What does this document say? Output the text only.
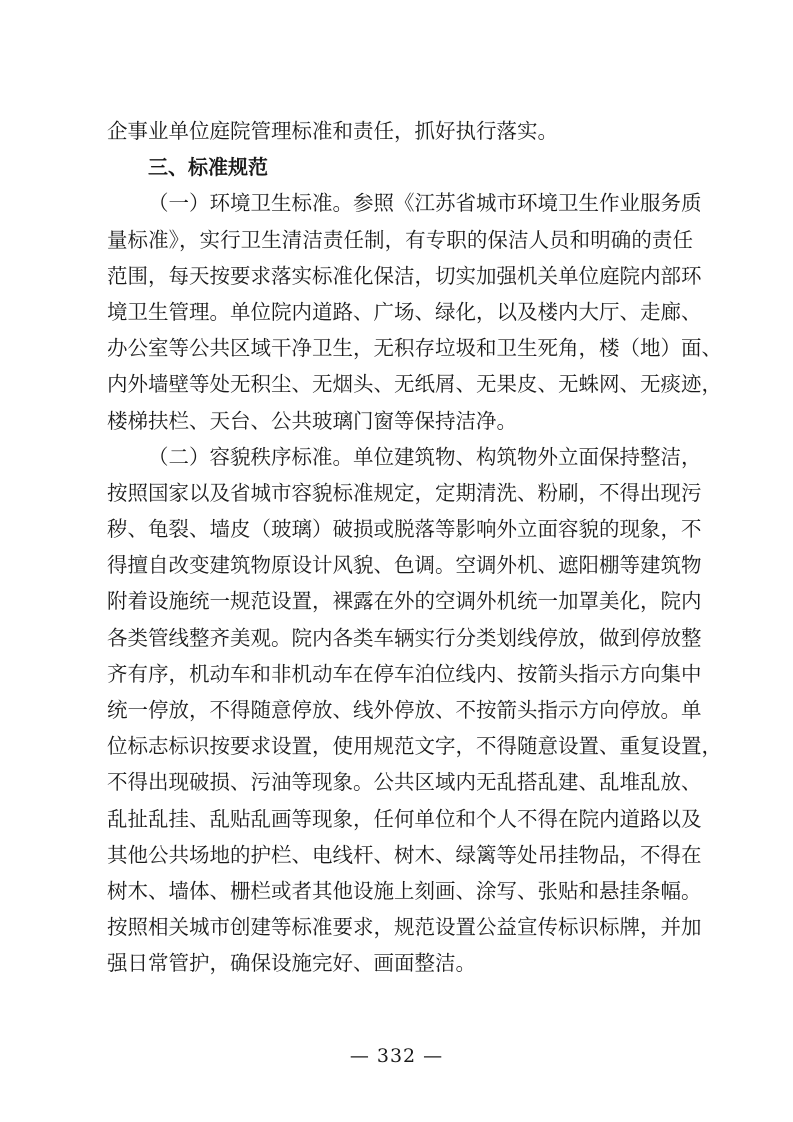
企事业单位庭院管理标准和责任，抓好执行落实。
三、标准规范
（一）环境卫生标准。参照《江苏省城市环境卫生作业服务质
量标准》，实行卫生清洁责任制，有专职的保洁人员和明确的责任
范围，每天按要求落实标准化保洁，切实加强机关单位庭院内部环
境卫生管理。单位院内道路、广场、绿化，以及楼内大厅、走廊、
办公室等公共区域干净卫生，无积存垃圾和卫生死角，楼（地）面、
内外墙壁等处无积尘、无烟头、无纸屑、无果皮、无蛛网、无痰迹，
楼梯扶栏、天台、公共玻璃门窗等保持洁净。
（二）容貌秩序标准。单位建筑物、构筑物外立面保持整洁，
按照国家以及省城市容貌标准规定，定期清洗、粉刷，不得出现污
秽、龟裂、墙皮（玻璃）破损或脱落等影响外立面容貌的现象，不
得擅自改变建筑物原设计风貌、色调。空调外机、遮阳棚等建筑物
附着设施统一规范设置，裸露在外的空调外机统一加罩美化，院内
各类管线整齐美观。院内各类车辆实行分类划线停放，做到停放整
齐有序，机动车和非机动车在停车泊位线内、按箭头指示方向集中
统一停放，不得随意停放、线外停放、不按箭头指示方向停放。单
位标志标识按要求设置，使用规范文字，不得随意设置、重复设置，
不得出现破损、污油等现象。公共区域内无乱搭乱建、乱堆乱放、
乱扯乱挂、乱贴乱画等现象，任何单位和个人不得在院内道路以及
其他公共场地的护栏、电线杆、树木、绿篱等处吊挂物品，不得在
树木、墙体、栅栏或者其他设施上刻画、涂写、张贴和悬挂条幅。
按照相关城市创建等标准要求，规范设置公益宣传标识标牌，并加
强日常管护，确保设施完好、画面整洁。
— 332 —
